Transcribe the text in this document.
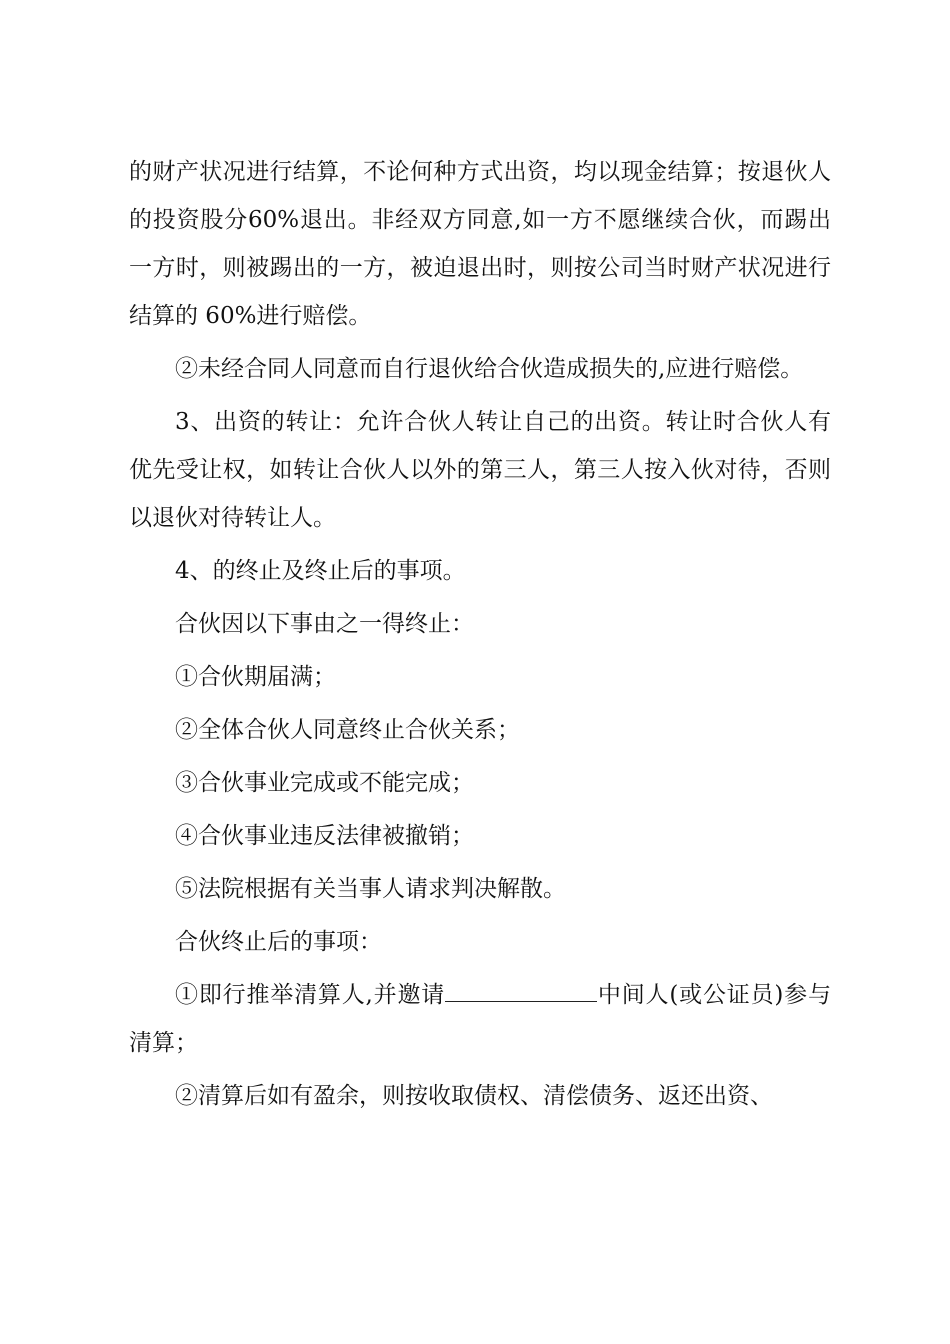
的财产状况进行结算，不论何种方式出资，均以现金结算；按退伙人的投资股分60%退出。非经双方同意,如一方不愿继续合伙，而踢出一方时，则被踢出的一方，被迫退出时，则按公司当时财产状况进行结算的 60%进行赔偿。

②未经合同人同意而自行退伙给合伙造成损失的,应进行赔偿。

3、出资的转让：允许合伙人转让自己的出资。转让时合伙人有优先受让权，如转让合伙人以外的第三人，第三人按入伙对待，否则以退伙对待转让人。

4、的终止及终止后的事项。

合伙因以下事由之一得终止：

①合伙期届满；

②全体合伙人同意终止合伙关系；

③合伙事业完成或不能完成；

④合伙事业违反法律被撤销；

⑤法院根据有关当事人请求判决解散。

合伙终止后的事项：

①即行推举清算人,并邀请	中间人(或公证员)参与清算；

②清算后如有盈余，则按收取债权、清偿债务、返还出资、
